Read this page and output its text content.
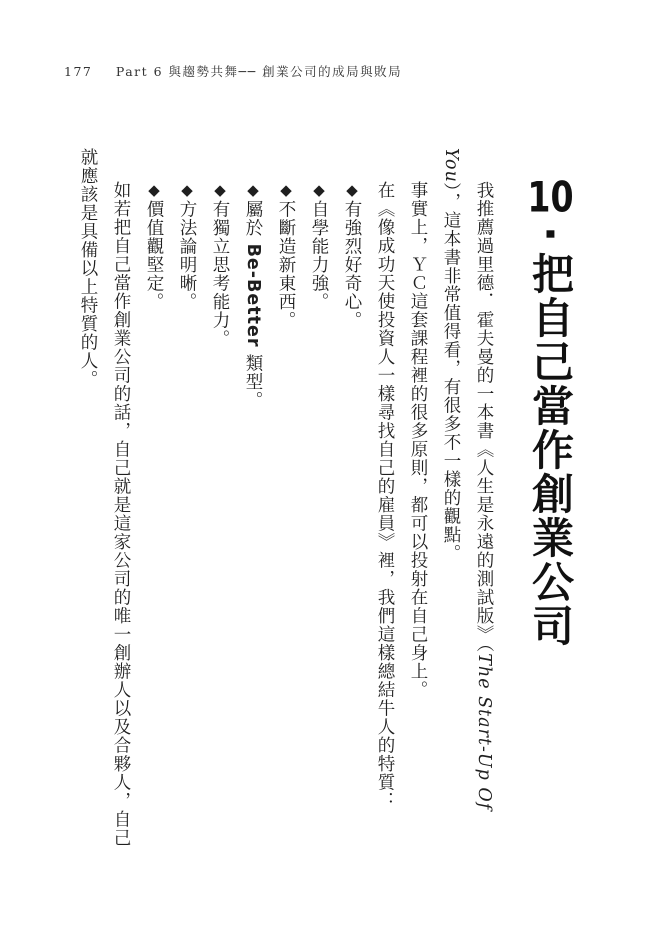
177 Part 6 與趨勢共舞── 創業公司的成局與敗局
10·把自己當作創業公司

我推薦過里德．霍夫曼的一本書《人生是永遠的測試版》（The Start-Up Of You），這本書非常值得看，有很多不一樣的觀點。

事實上，ＹＣ這套課程裡的很多原則，都可以投射在自己身上。

在《像成功天使投資人一樣尋找自己的雇員》裡，我們這樣總結牛人的特質：

◆有強烈好奇心。

◆自學能力強。

◆不斷造新東西。

◆屬於 Be-Better 類型。

◆有獨立思考能力。

◆方法論明晰。

◆價值觀堅定。

如若把自己當作創業公司的話，自己就是這家公司的唯一創辦人以及合夥人，自己就應該是具備以上特質的人。
